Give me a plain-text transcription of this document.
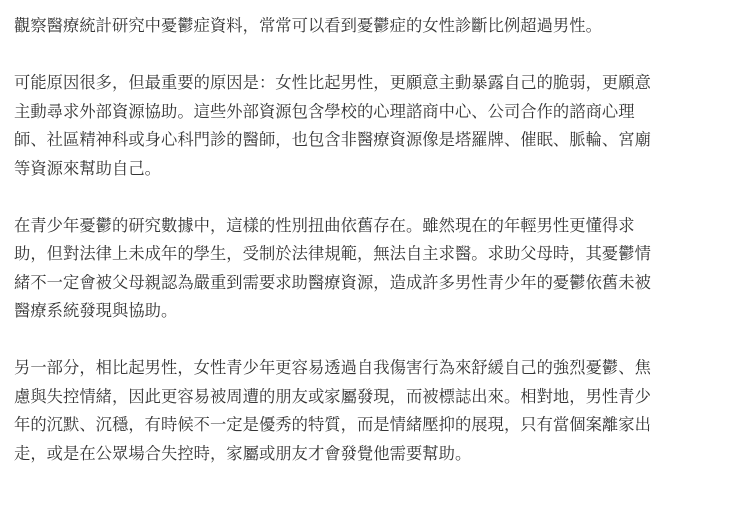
觀察醫療統計研究中憂鬱症資料，常常可以看到憂鬱症的女性診斷比例超過男性。
可能原因很多，但最重要的原因是：女性比起男性，更願意主動暴露自己的脆弱，更願意
主動尋求外部資源協助。這些外部資源包含學校的心理諮商中心、公司合作的諮商心理
師、社區精神科或身心科門診的醫師，也包含非醫療資源像是塔羅牌、催眠、脈輪、宮廟
等資源來幫助自己。
在青少年憂鬱的研究數據中，這樣的性別扭曲依舊存在。雖然現在的年輕男性更懂得求
助，但對法律上未成年的學生，受制於法律規範，無法自主求醫。求助父母時，其憂鬱情
緒不一定會被父母親認為嚴重到需要求助醫療資源，造成許多男性青少年的憂鬱依舊未被
醫療系統發現與協助。
另一部分，相比起男性，女性青少年更容易透過自我傷害行為來舒緩自己的強烈憂鬱、焦
慮與失控情緒，因此更容易被周遭的朋友或家屬發現，而被標誌出來。相對地，男性青少
年的沉默、沉穩，有時候不一定是優秀的特質，而是情緒壓抑的展現，只有當個案離家出
走，或是在公眾場合失控時，家屬或朋友才會發覺他需要幫助。
